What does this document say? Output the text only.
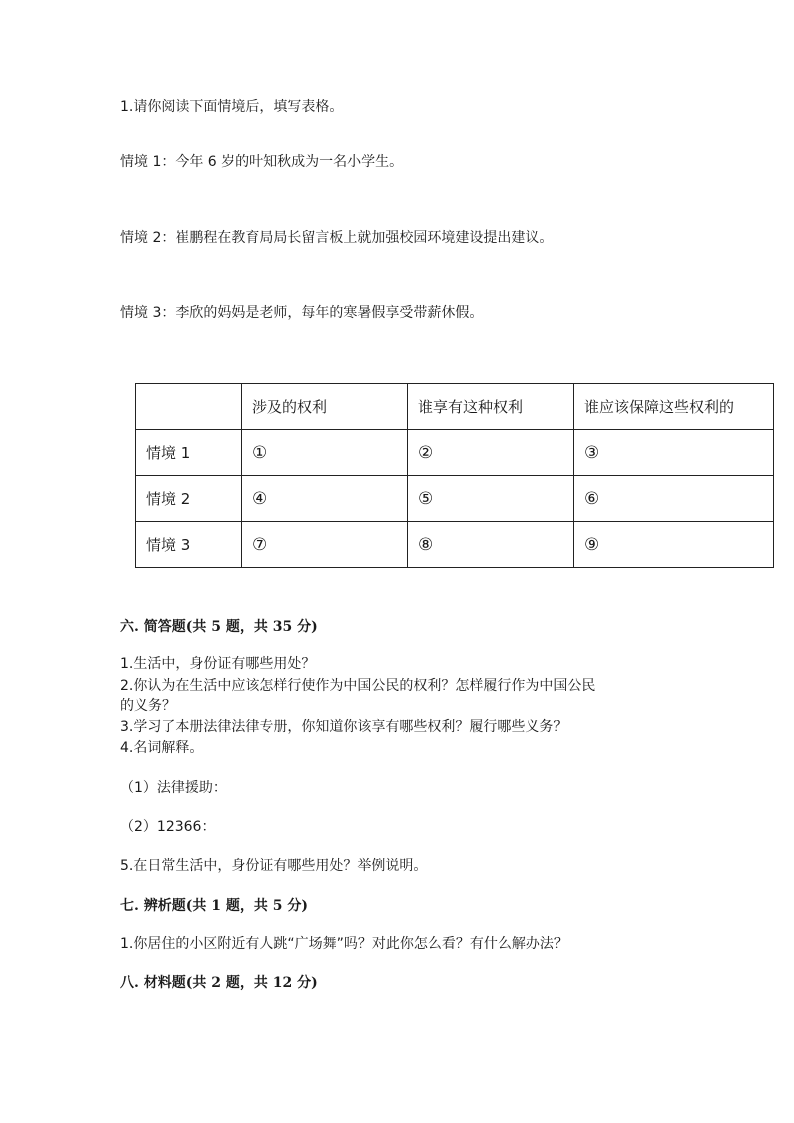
1.请你阅读下面情境后，填写表格。
情境 1：今年 6 岁的叶知秋成为一名小学生。
情境 2：崔鹏程在教育局局长留言板上就加强校园环境建设提出建议。
情境 3：李欣的妈妈是老师，每年的寒暑假享受带薪休假。
	涉及的权利	谁享有这种权利	谁应该保障这些权利的
情境 1	①	②	③
情境 2	④	⑤	⑥
情境 3	⑦	⑧	⑨
六. 简答题(共 5 题，共 35 分)
1.生活中，身份证有哪些用处？
2.你认为在生活中应该怎样行使作为中国公民的权利？怎样履行作为中国公民
的义务？
3.学习了本册法律法律专册，你知道你该享有哪些权利？履行哪些义务？
4.名词解释。
（1）法律援助：
（2）12366：
5.在日常生活中，身份证有哪些用处？举例说明。
七. 辨析题(共 1 题，共 5 分)
1.你居住的小区附近有人跳“广场舞”吗？对此你怎么看？有什么解办法？
八. 材料题(共 2 题，共 12 分)
